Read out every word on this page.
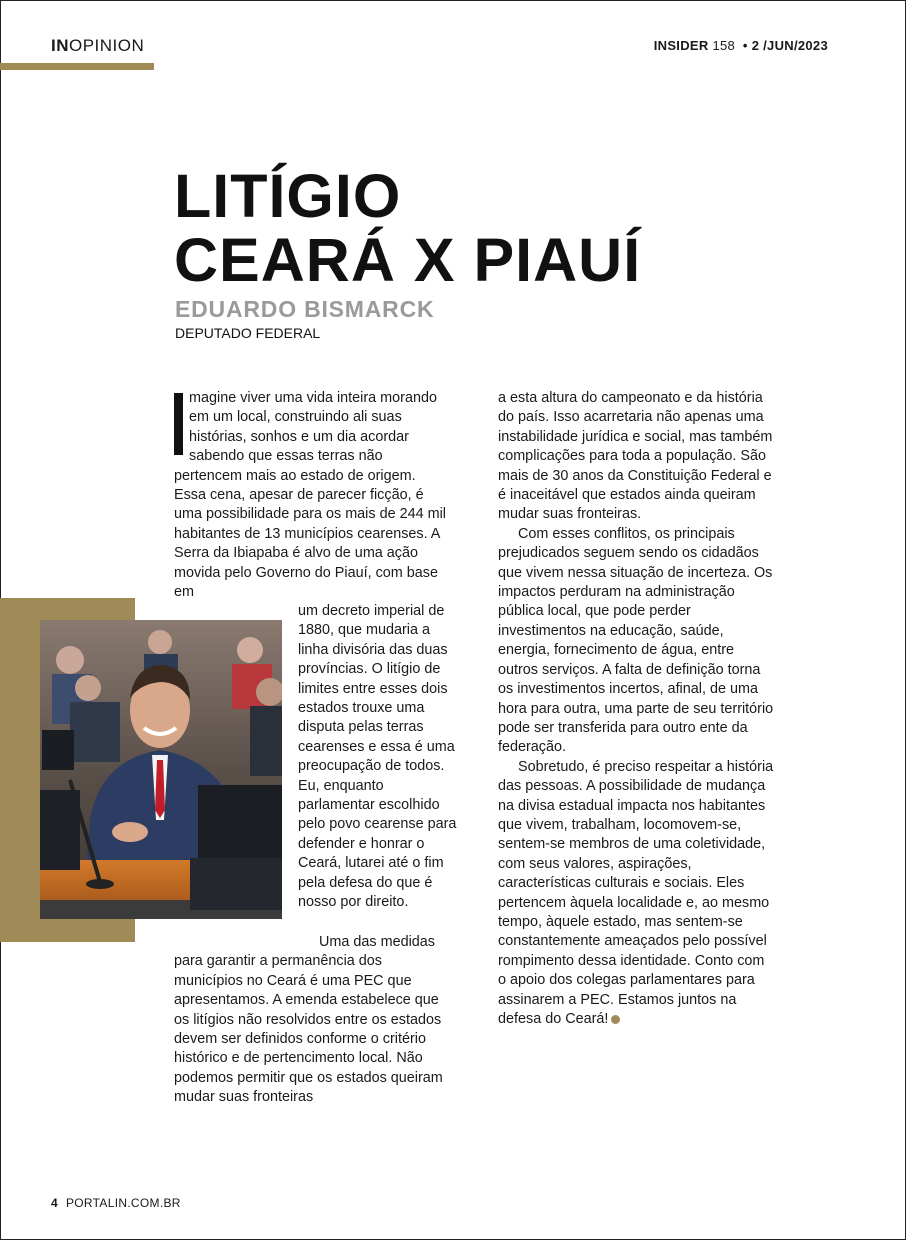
INOPINION	INSIDER 158 • 2 /JUN/2023
LITÍGIO
CEARÁ X PIAUÍ
EDUARDO BISMARCK
DEPUTADO FEDERAL

magine viver uma vida inteira morando em um local, construindo ali suas histórias, sonhos e um dia acordar sabendo que essas terras não pertencem mais ao estado de origem. Essa cena, apesar de parecer ficção, é uma possibilidade para os mais de 244 mil habitantes de 13 municípios cearenses. A Serra da Ibiapaba é alvo de uma ação movida pelo Governo do Piauí, com base em

um decreto imperial de 1880, que mudaria a linha divisória das duas províncias. O litígio de limites entre esses dois estados trouxe uma disputa pelas terras cearenses e essa é uma preocupação de todos. Eu, enquanto parlamentar escolhido pelo povo cearense para defender e honrar o Ceará, lutarei até o fim pela defesa do que é nosso por direito.

Uma das medidas para garantir a permanência dos municípios no Ceará é uma PEC que apresentamos. A emenda estabelece que os litígios não resolvidos entre os estados devem ser definidos conforme o critério histórico e de pertencimento local. Não podemos permitir que os estados queiram mudar suas fronteiras

a esta altura do campeonato e da história do país. Isso acarretaria não apenas uma instabilidade jurídica e social, mas também complicações para toda a população. São mais de 30 anos da Constituição Federal e é inaceitável que estados ainda queiram mudar suas fronteiras.

Com esses conflitos, os principais prejudicados seguem sendo os cidadãos que vivem nessa situação de incerteza. Os impactos perduram na administração pública local, que pode perder investimentos na educação, saúde, energia, fornecimento de água, entre outros serviços. A falta de definição torna os investimentos incertos, afinal, de uma hora para outra, uma parte de seu território pode ser transferida para outro ente da federação.

Sobretudo, é preciso respeitar a história das pessoas. A possibilidade de mudança na divisa estadual impacta nos habitantes que vivem, trabalham, locomovem-se, sentem-se membros de uma coletividade, com seus valores, aspirações, características culturais e sociais. Eles pertencem àquela localidade e, ao mesmo tempo, àquele estado, mas sentem-se constantemente ameaçados pelo possível rompimento dessa identidade. Conto com o apoio dos colegas parlamentares para assinarem a PEC. Estamos juntos na defesa do Ceará!

4 PORTALIN.COM.BR
